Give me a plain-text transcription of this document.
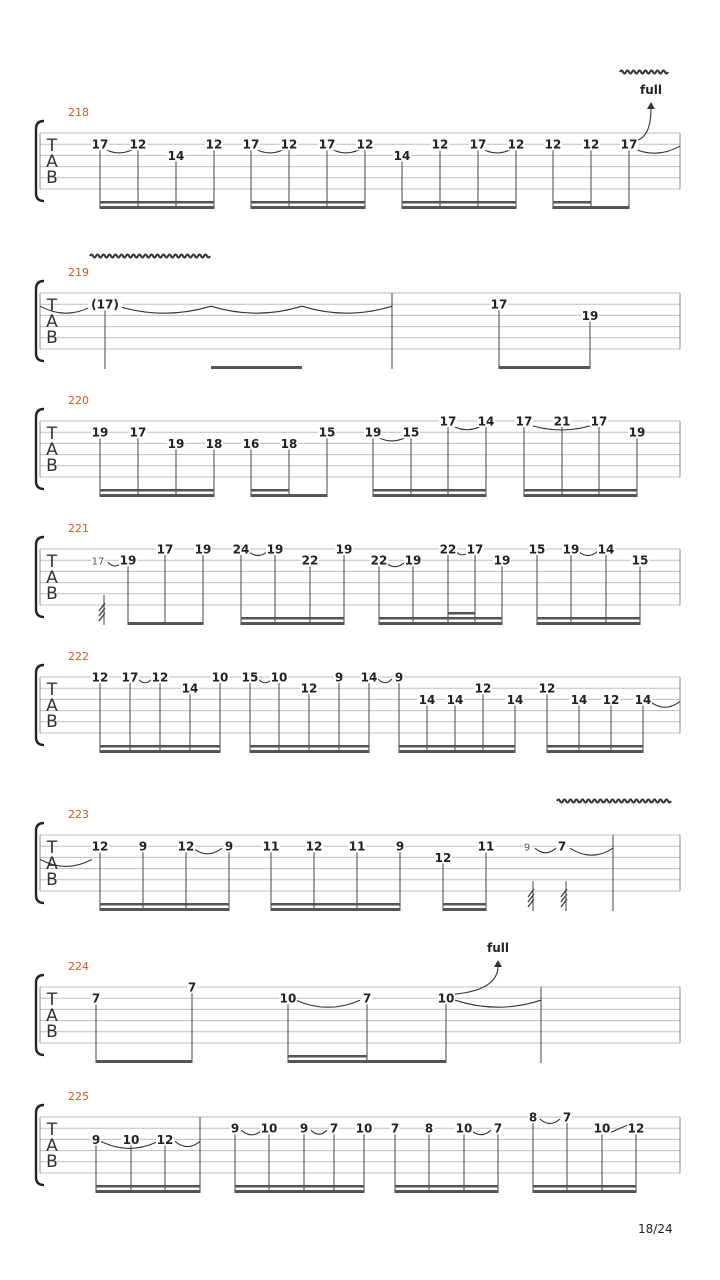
T
A
B
218
full
17 12
14
12 17 12 17 12
14
12 17 12 12 12 17
T
A
B
219
(17)	17
19
T
A
B
220
19 17
19 18 16 18
15 19 15
17 14 17 21 17
19
T
A
B
221
17 19
17 19 24 19
22
19
22 19
22 17
19
15 19 14
15
T
A
B
222
12 17 12
14
10 15 10
12
9 14 9
14 14
12
14
12
14 12 14
T
A
B
223
12	9	12	9 11 12 11	9
12
11	9 7
T
A
B
224
full
7
7
10	7	10
T
A
B
225
9 10 12
9 10 9 7 10 7 8 10 7
8 7
10 12
18/24
